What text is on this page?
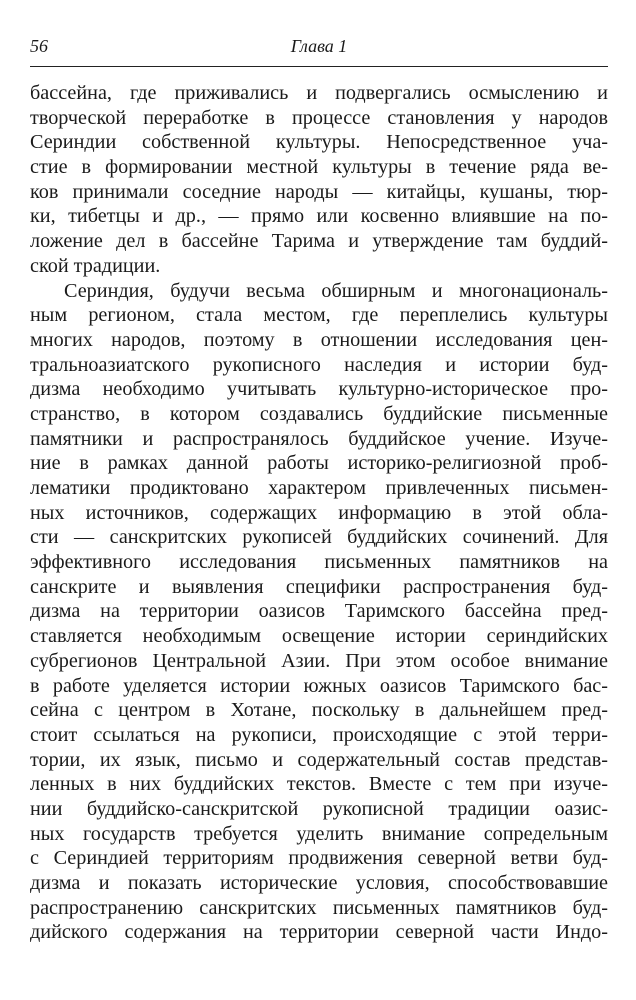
56	Глава 1
бассейна, где приживались и подвергались осмыслению и
творческой переработке в процессе становления у народов
Сериндии собственной культуры. Непосредственное уча-
стие в формировании местной культуры в течение ряда ве-
ков принимали соседние народы — китайцы, кушаны, тюр-
ки, тибетцы и др., — прямо или косвенно влиявшие на по-
ложение дел в бассейне Тарима и утверждение там буддий-
ской традиции.
Сериндия, будучи весьма обширным и многонациональ-
ным регионом, стала местом, где переплелись культуры
многих народов, поэтому в отношении исследования цен-
тральноазиатского рукописного наследия и истории буд-
дизма необходимо учитывать культурно-историческое про-
странство, в котором создавались буддийские письменные
памятники и распространялось буддийское учение. Изуче-
ние в рамках данной работы историко-религиозной проб-
лематики продиктовано характером привлеченных письмен-
ных источников, содержащих информацию в этой обла-
сти — санскритских рукописей буддийских сочинений. Для
эффективного исследования письменных памятников на
санскрите и выявления специфики распространения буд-
дизма на территории оазисов Таримского бассейна пред-
ставляется необходимым освещение истории сериндийских
субрегионов Центральной Азии. При этом особое внимание
в работе уделяется истории южных оазисов Таримского бас-
сейна с центром в Хотане, поскольку в дальнейшем пред-
стоит ссылаться на рукописи, происходящие с этой терри-
тории, их язык, письмо и содержательный состав представ-
ленных в них буддийских текстов. Вместе с тем при изуче-
нии буддийско-санскритской рукописной традиции оазис-
ных государств требуется уделить внимание сопредельным
с Сериндией территориям продвижения северной ветви буд-
дизма и показать исторические условия, способствовавшие
распространению санскритских письменных памятников буд-
дийского содержания на территории северной части Индо-
